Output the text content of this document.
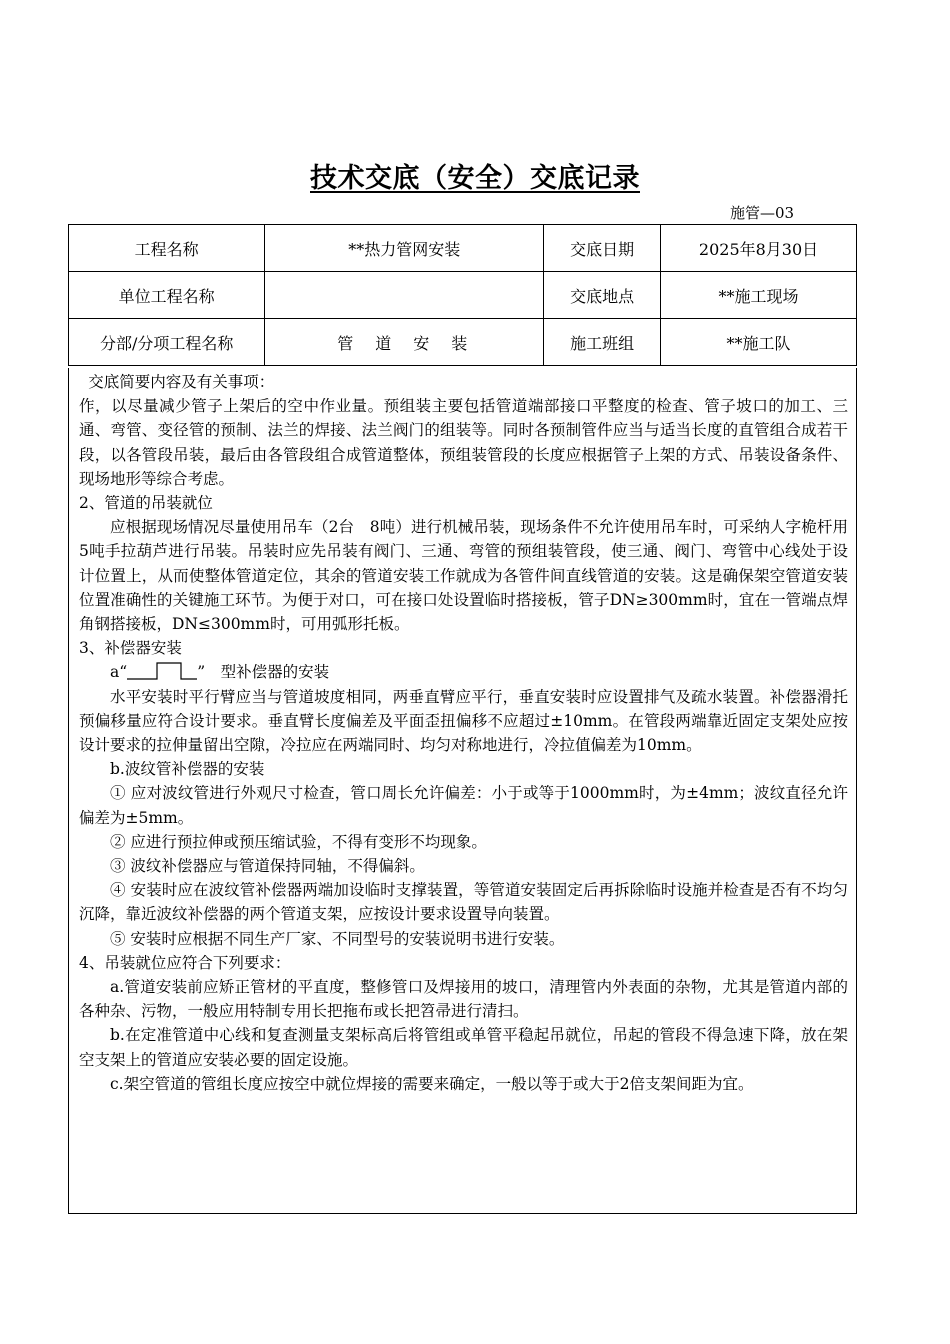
技术交底（安全）交底记录
施管—03
工程名称	**热力管网安装	交底日期	2025年8月30日
单位工程名称		交底地点	**施工现场
分部/分项工程名称	管道安装	施工班组	**施工队

交底简要内容及有关事项：

作，以尽量减少管子上架后的空中作业量。预组装主要包括管道端部接口平整度的检查、管子坡口的加工、三通、弯管、变径管的预制、法兰的焊接、法兰阀门的组装等。同时各预制管件应当与适当长度的直管组合成若干段，以各管段吊装，最后由各管段组合成管道整体，预组装管段的长度应根据管子上架的方式、吊装设备条件、现场地形等综合考虑。

2、管道的吊装就位

应根据现场情况尽量使用吊车（2台　8吨）进行机械吊装，现场条件不允许使用吊车时，可采纳人字桅杆用5吨手拉葫芦进行吊装。吊装时应先吊装有阀门、三通、弯管的预组装管段，使三通、阀门、弯管中心线处于设计位置上，从而使整体管道定位，其余的管道安装工作就成为各管件间直线管道的安装。这是确保架空管道安装位置准确性的关键施工环节。为便于对口，可在接口处设置临时搭接板，管子DN≥300mm时，宜在一管端点焊角钢搭接板，DN≤300mm时，可用弧形托板。

3、补偿器安装

a“	”　 型补偿器的安装

水平安装时平行臂应当与管道坡度相同，两垂直臂应平行，垂直安装时应设置排气及疏水装置。补偿器滑托预偏移量应符合设计要求。垂直臂长度偏差及平面歪扭偏移不应超过±10mm。在管段两端靠近固定支架处应按设计要求的拉伸量留出空隙，冷拉应在两端同时、均匀对称地进行，冷拉值偏差为10mm。

b.波纹管补偿器的安装

① 应对波纹管进行外观尺寸检查，管口周长允许偏差：小于或等于1000mm时，为±4mm；波纹直径允许偏差为±5mm。

② 应进行预拉伸或预压缩试验，不得有变形不均现象。

③ 波纹补偿器应与管道保持同轴，不得偏斜。

④ 安装时应在波纹管补偿器两端加设临时支撑装置，等管道安装固定后再拆除临时设施并检查是否有不均匀沉降，靠近波纹补偿器的两个管道支架，应按设计要求设置导向装置。

⑤ 安装时应根据不同生产厂家、不同型号的安装说明书进行安装。

4、吊装就位应符合下列要求：

a.管道安装前应矫正管材的平直度，整修管口及焊接用的坡口，清理管内外表面的杂物，尤其是管道内部的各种杂、污物，一般应用特制专用长把拖布或长把笤帚进行清扫。

b.在定准管道中心线和复查测量支架标高后将管组或单管平稳起吊就位，吊起的管段不得急速下降，放在架空支架上的管道应安装必要的固定设施。

c.架空管道的管组长度应按空中就位焊接的需要来确定，一般以等于或大于2倍支架间距为宜。
